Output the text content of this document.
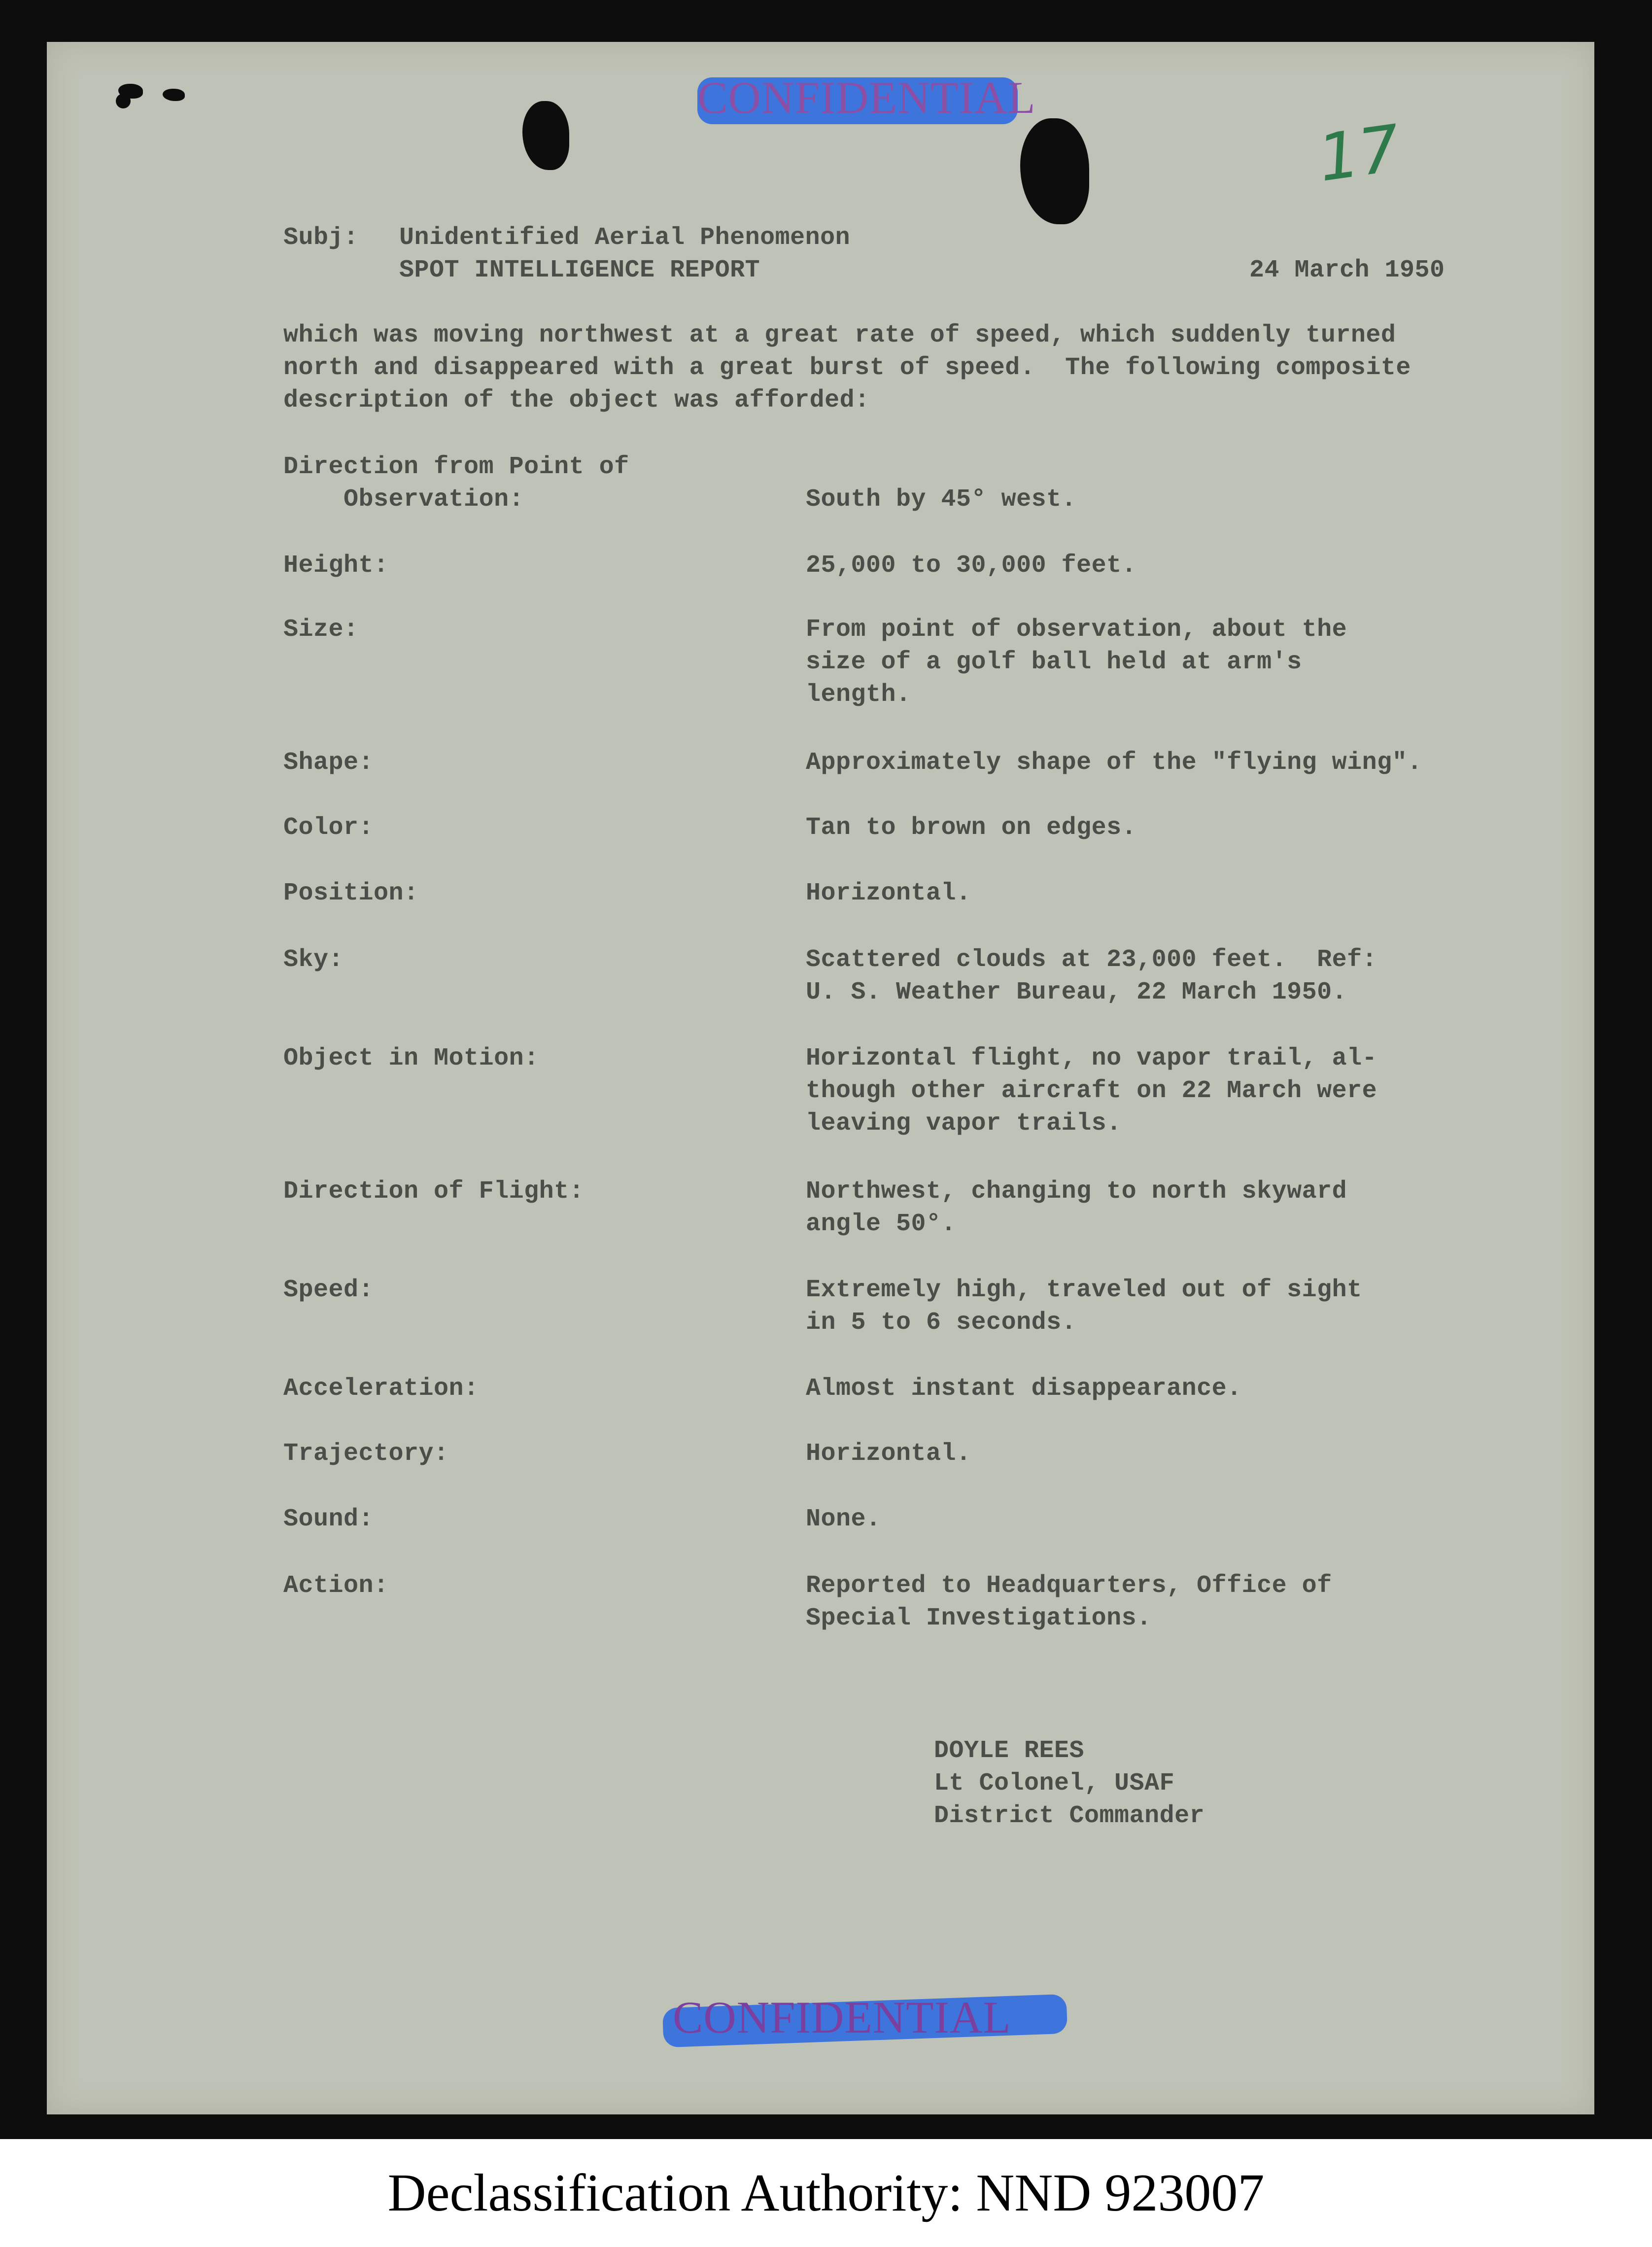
CONFIDENTIAL
17
Subj: Unidentified Aerial Phenomenon
SPOT INTELLIGENCE REPORT	24 March 1950
which was moving northwest at a great rate of speed, which suddenly turned
north and disappeared with a great burst of speed.  The following composite
description of the object was afforded:
Direction from Point of
Observation:	South by 45° west.
Height:	25,000 to 30,000 feet.
Size:	From point of observation, about the
size of a golf ball held at arm's
length.
Shape:	Approximately shape of the "flying wing".
Color:	Tan to brown on edges.
Position:	Horizontal.
Sky:	Scattered clouds at 23,000 feet.  Ref:
U. S. Weather Bureau, 22 March 1950.
Object in Motion:	Horizontal flight, no vapor trail, al-
though other aircraft on 22 March were
leaving vapor trails.
Direction of Flight:	Northwest, changing to north skyward
angle 50°.
Speed:	Extremely high, traveled out of sight
in 5 to 6 seconds.
Acceleration:	Almost instant disappearance.
Trajectory:	Horizontal.
Sound:	None.
Action:	Reported to Headquarters, Office of
Special Investigations.
DOYLE REES
Lt Colonel, USAF
District Commander
CONFIDENTIAL
Declassification Authority: NND 923007
